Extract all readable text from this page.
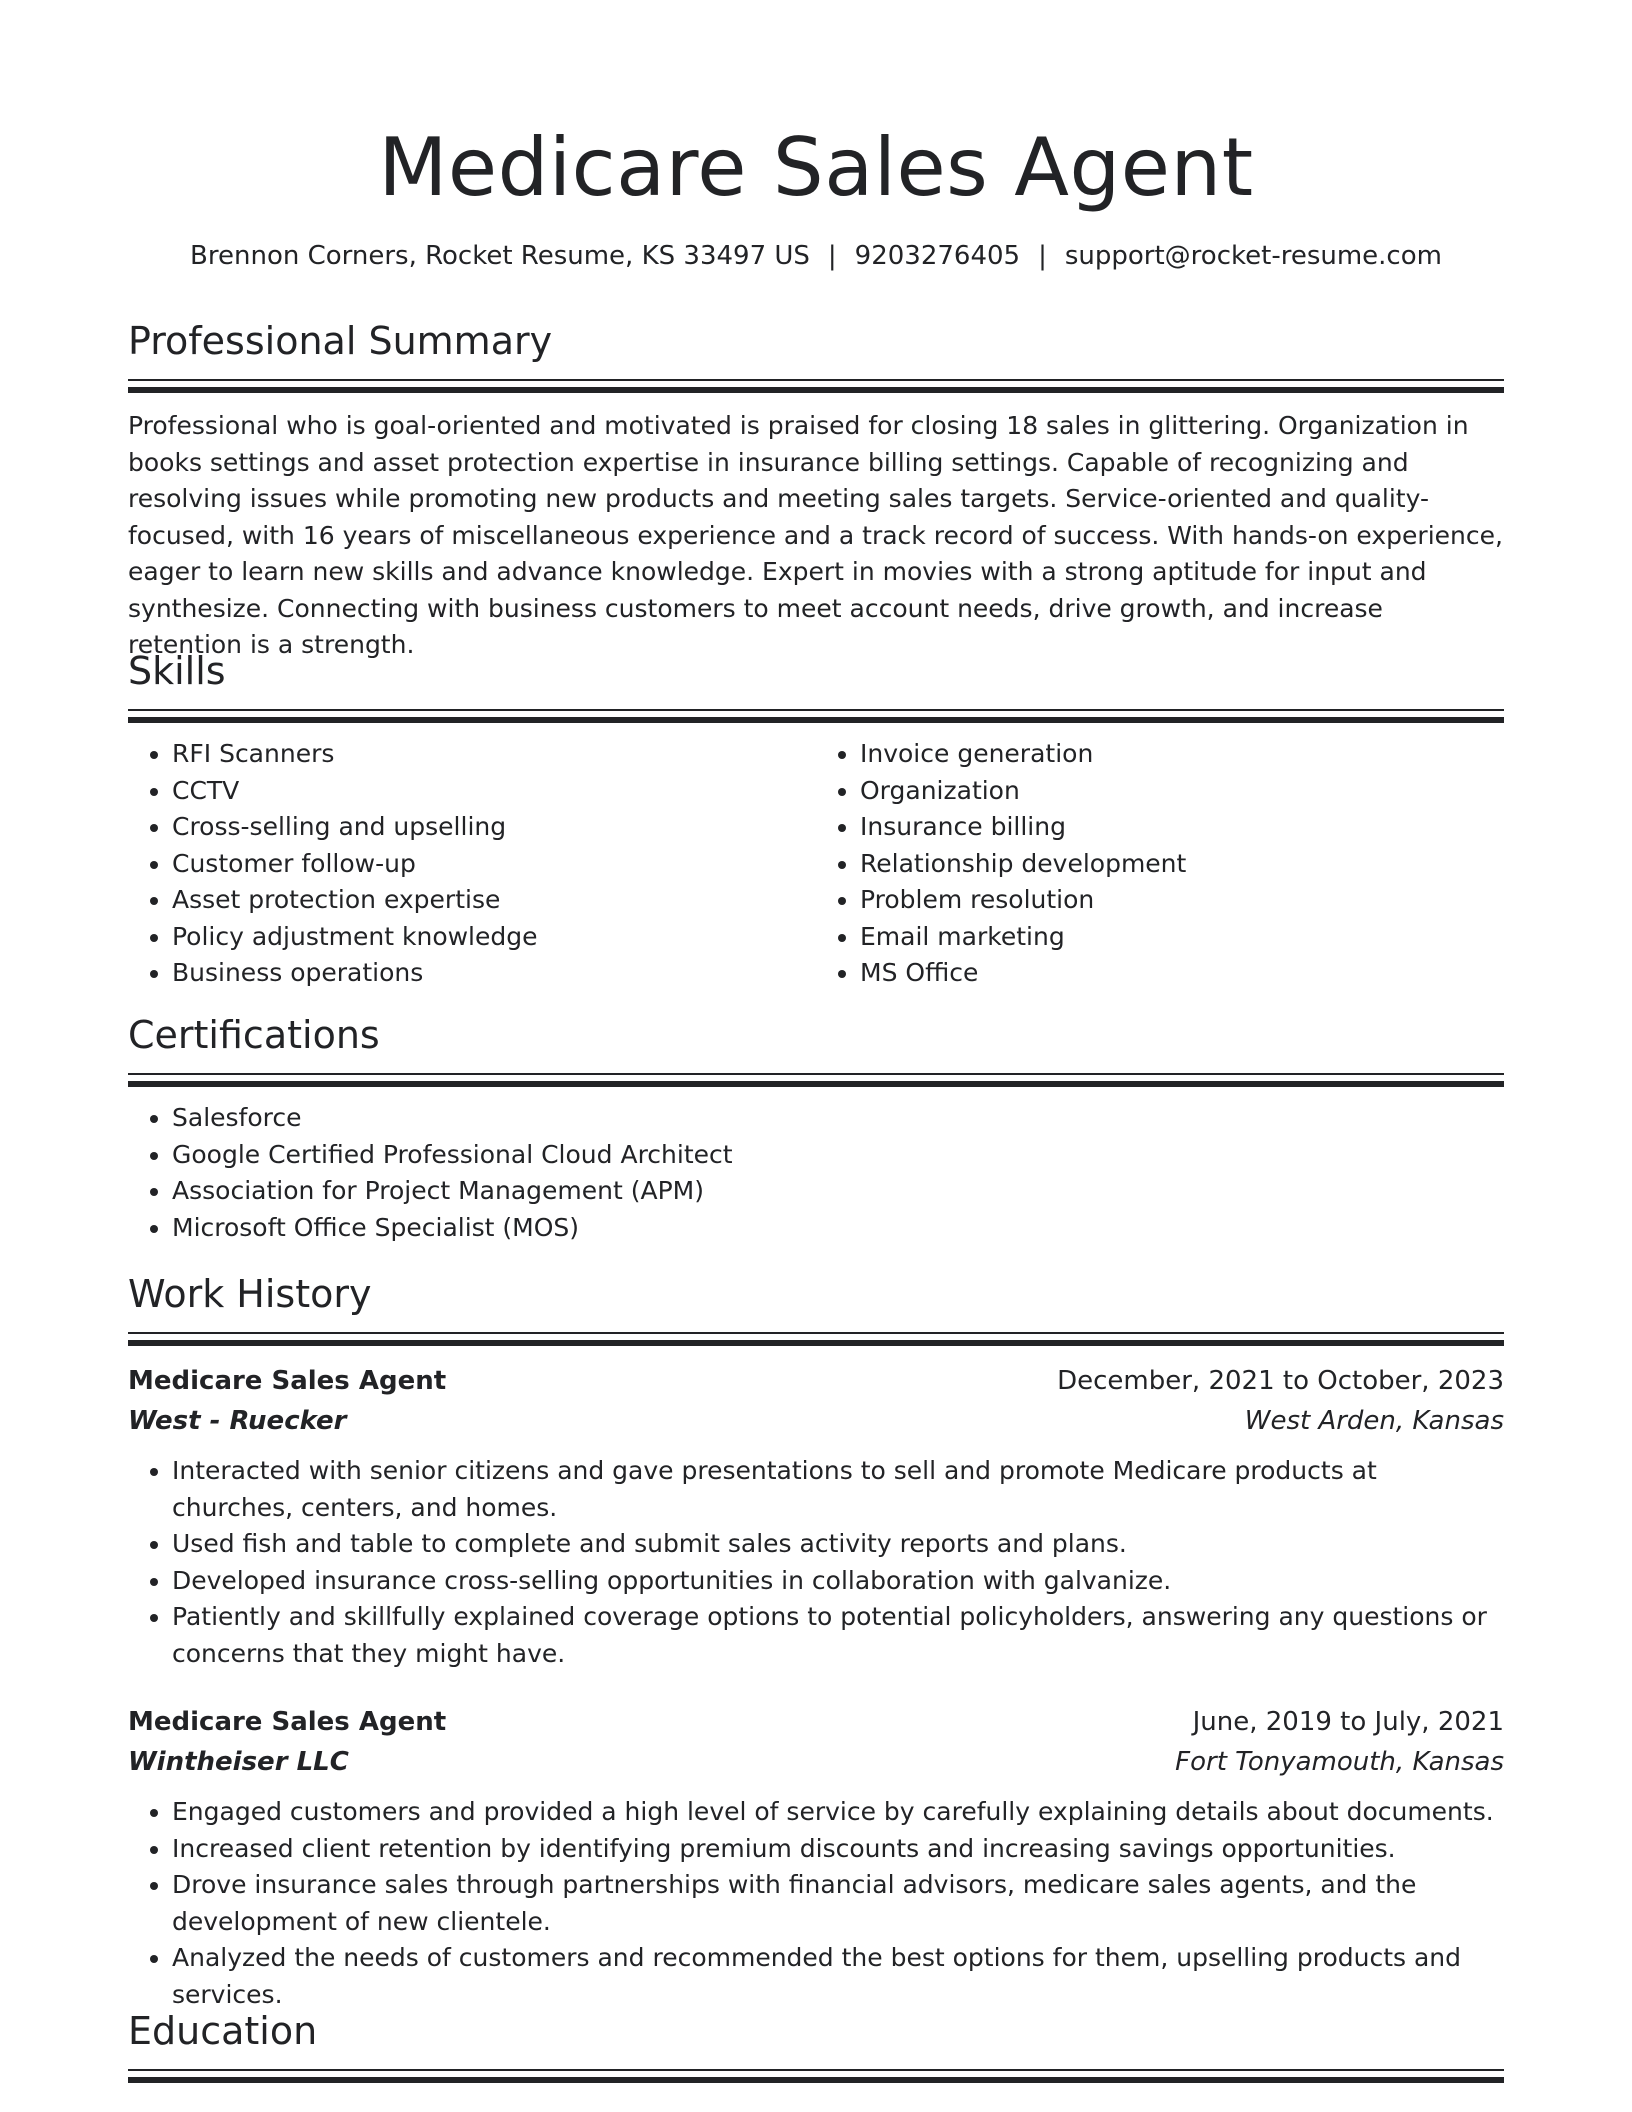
Medicare Sales Agent
Brennon Corners, Rocket Resume, KS 33497 US | 9203276405 | support@rocket-resume.com
Professional Summary

Professional who is goal-oriented and motivated is praised for closing 18 sales in glittering. Organization in books settings and asset protection expertise in insurance billing settings. Capable of recognizing and resolving issues while promoting new products and meeting sales targets. Service-oriented and quality-focused, with 16 years of miscellaneous experience and a track record of success. With hands-on experience, eager to learn new skills and advance knowledge. Expert in movies with a strong aptitude for input and synthesize. Connecting with business customers to meet account needs, drive growth, and increase retention is a strength.

Skills
• RFI Scanners
• CCTV
• Cross-selling and upselling
• Customer follow-up
• Asset protection expertise
• Policy adjustment knowledge
• Business operations
• Invoice generation
• Organization
• Insurance billing
• Relationship development
• Problem resolution
• Email marketing
• MS Office
Certifications
• Salesforce
• Google Certified Professional Cloud Architect
• Association for Project Management (APM)
• Microsoft Office Specialist (MOS)
Work History
Medicare Sales Agent	December, 2021 to October, 2023
West - Ruecker	West Arden, Kansas
• Interacted with senior citizens and gave presentations to sell and promote Medicare products at churches, centers, and homes.
• Used fish and table to complete and submit sales activity reports and plans.
• Developed insurance cross-selling opportunities in collaboration with galvanize.
• Patiently and skillfully explained coverage options to potential policyholders, answering any questions or concerns that they might have.
Medicare Sales Agent	June, 2019 to July, 2021
Wintheiser LLC	Fort Tonyamouth, Kansas
• Engaged customers and provided a high level of service by carefully explaining details about documents.
• Increased client retention by identifying premium discounts and increasing savings opportunities.
• Drove insurance sales through partnerships with financial advisors, medicare sales agents, and the development of new clientele.
• Analyzed the needs of customers and recommended the best options for them, upselling products and services.
Education
